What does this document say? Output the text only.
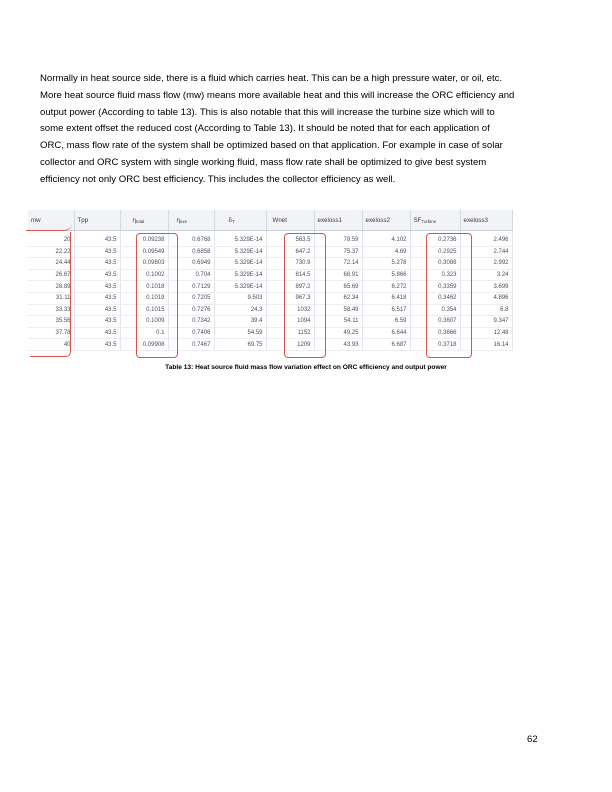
Normally in heat source side, there is a fluid which carries heat. This can be a high pressure water, or oil, etc.
More heat source fluid mass flow (mw) means more available heat and this will increase the ORC efficiency and
output power (According to table 13). This is also notable that this will increase the turbine size which will to
some extent offset the reduced cost (According to Table 13). It should be noted that for each application of
ORC, mass flow rate of the system shall be optimized based on that application. For example in case of solar
collector and ORC system with single working fluid, mass flow rate shall be optimized to give best system
efficiency not only ORC best efficiency. This includes the collector efficiency as well.

mw	Tpp	$\eta_{total}$	$\eta_{exe}$	$\delta_T$	Wnet	exeloss1	exeloss2	$SF_{Turbine}$	exeloss3
20	43.5	0.09238	0.6768	5.329E-14	563.5	78.59	4.102	0.2736	2.496
22.22	43.5	0.09549	0.6858	5.329E-14	647.2	75.37	4.69	0.2925	2.744
24.44	43.5	0.09803	0.6949	5.329E-14	730.9	72.14	5.278	0.3088	2.992
26.67	43.5	0.1002	0.704	5.329E-14	814.5	68.91	5.866	0.323	3.24
28.89	43.5	0.1018	0.7129	5.329E-14	897.2	65.69	6.272	0.3359	3.699
31.11	43.5	0.1019	0.7205	9.503	967.3	62.34	6.418	0.3462	4.896
33.33	43.5	0.1015	0.7276	24.3	1032	58.49	6.517	0.354	6.8
35.56	43.5	0.1009	0.7342	39.4	1094	54.11	6.59	0.3607	9.347
37.78	43.5	0.1	0.7406	54.59	1152	49.25	6.644	0.3666	12.48
40	43.5	0.09908	0.7467	69.75	1209	43.93	6.687	0.3718	16.14

Table 13: Heat source fluid mass flow variation effect on ORC efficiency and output power

62
